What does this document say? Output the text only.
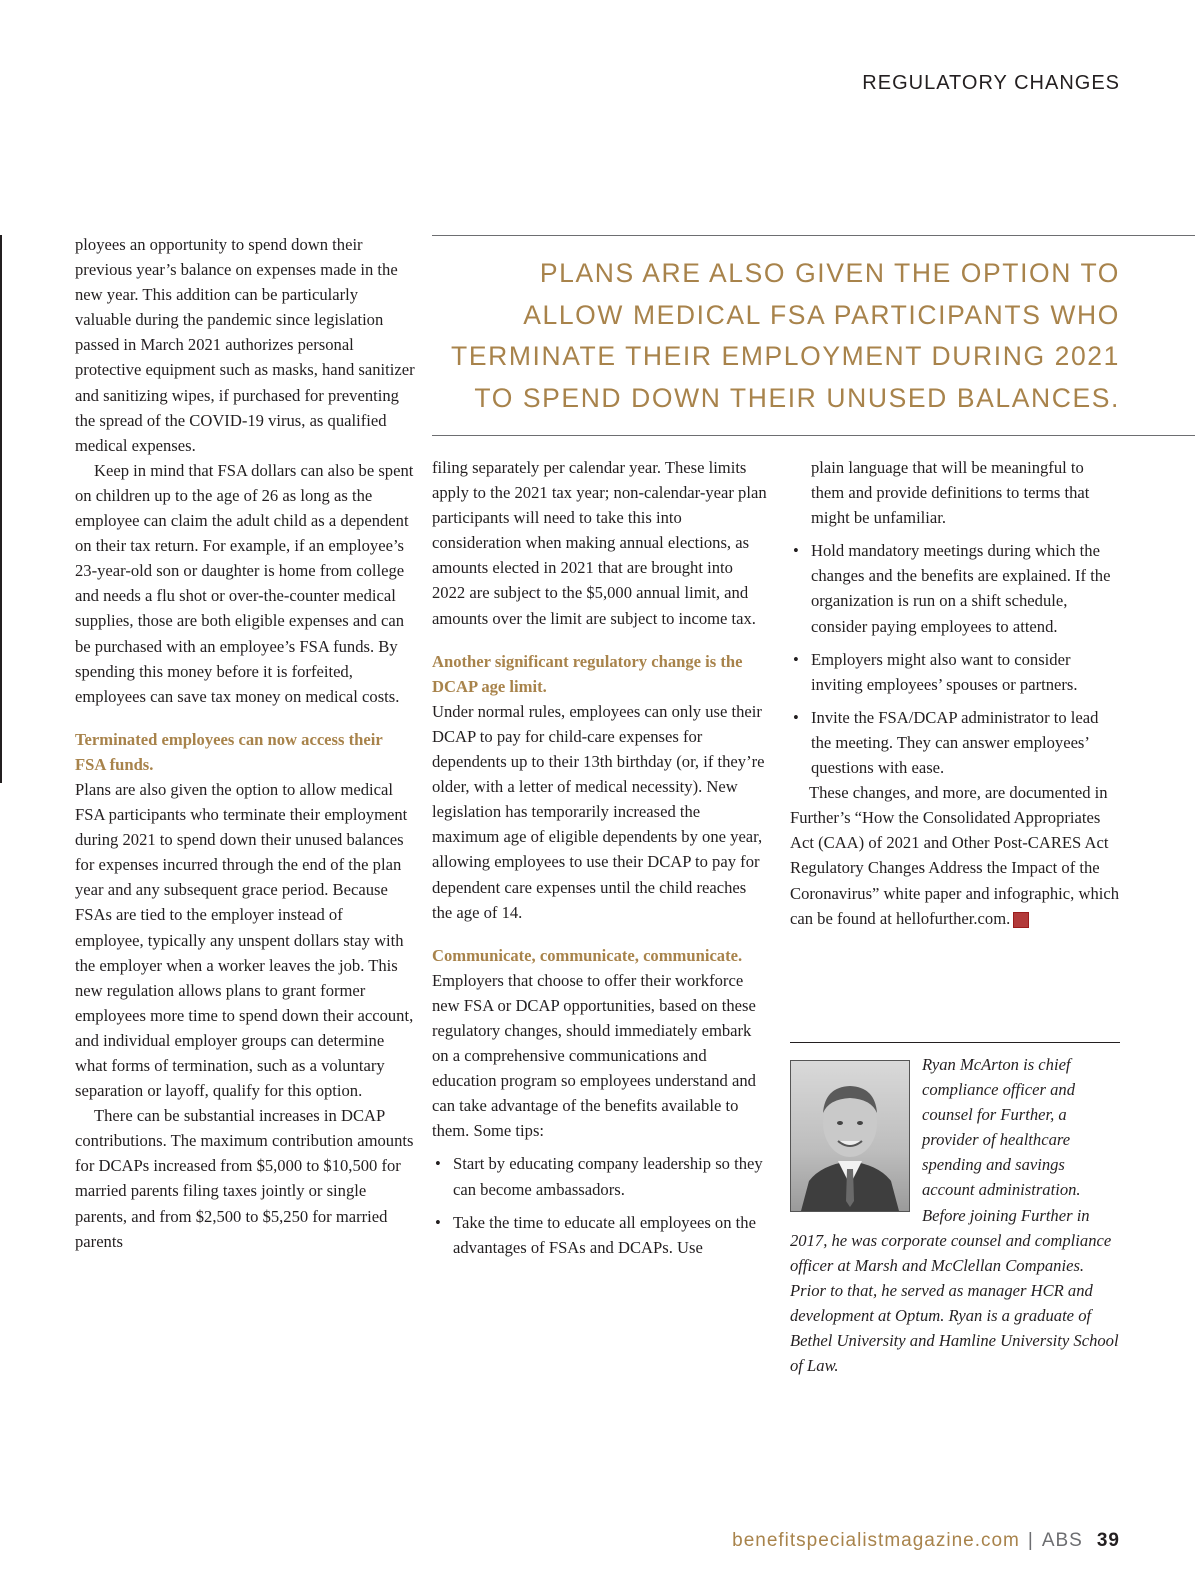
REGULATORY CHANGES

ployees an opportunity to spend down their previous year’s balance on expenses made in the new year. This addition can be particularly valuable during the pandemic since legislation passed in March 2021 authorizes personal protective equipment such as masks, hand sanitizer and sanitizing wipes, if purchased for preventing the spread of the COVID-19 virus, as qualified medical expenses.

Keep in mind that FSA dollars can also be spent on children up to the age of 26 as long as the employee can claim the adult child as a dependent on their tax return. For example, if an employee’s 23-year-old son or daughter is home from college and needs a flu shot or over-the-counter medical supplies, those are both eligible expenses and can be purchased with an employee’s FSA funds. By spending this money before it is forfeited, employees can save tax money on medical costs.

Terminated employees can now access their FSA funds.

Plans are also given the option to allow medical FSA participants who terminate their employment during 2021 to spend down their unused balances for expenses incurred through the end of the plan year and any subsequent grace period. Because FSAs are tied to the employer instead of employee, typically any unspent dollars stay with the employer when a worker leaves the job. This new regulation allows plans to grant former employees more time to spend down their account, and individual employer groups can determine what forms of termination, such as a voluntary separation or layoff, qualify for this option.

There can be substantial increases in DCAP contributions. The maximum contribution amounts for DCAPs increased from $5,000 to $10,500 for married parents filing taxes jointly or single parents, and from $2,500 to $5,250 for married parents

PLANS ARE ALSO GIVEN THE OPTION TO ALLOW MEDICAL FSA PARTICIPANTS WHO TERMINATE THEIR EMPLOYMENT DURING 2021 TO SPEND DOWN THEIR UNUSED BALANCES.

filing separately per calendar year. These limits apply to the 2021 tax year; non-calendar-year plan participants will need to take this into consideration when making annual elections, as amounts elected in 2021 that are brought into 2022 are subject to the $5,000 annual limit, and amounts over the limit are subject to income tax.

Another significant regulatory change is the DCAP age limit.

Under normal rules, employees can only use their DCAP to pay for child-care expenses for dependents up to their 13th birthday (or, if they’re older, with a letter of medical necessity). New legislation has temporarily increased the maximum age of eligible dependents by one year, allowing employees to use their DCAP to pay for dependent care expenses until the child reaches the age of 14.

Communicate, communicate, communicate.

Employers that choose to offer their workforce new FSA or DCAP opportunities, based on these regulatory changes, should immediately embark on a comprehensive communications and education program so employees understand and can take advantage of the benefits available to them. Some tips:

• Start by educating company leadership so they can become ambassadors.
• Take the time to educate all employees on the advantages of FSAs and DCAPs. Use

plain language that will be meaningful to them and provide definitions to terms that might be unfamiliar.

• Hold mandatory meetings during which the changes and the benefits are explained. If the organization is run on a shift schedule, consider paying employees to attend.
• Employers might also want to consider inviting employees’ spouses or partners.
• Invite the FSA/DCAP administrator to lead the meeting. They can answer employees’ questions with ease.

These changes, and more, are documented in Further’s “How the Consolidated Appropriates Act (CAA) of 2021 and Other Post-CARES Act Regulatory Changes Address the Impact of the Coronavirus” white paper and infographic, which can be found at hellofurther.com.	⌂

Ryan McArton is chief compliance officer and counsel for Further, a provider of healthcare spending and savings account administration. Before joining Further in 2017, he was corporate counsel and compliance officer at Marsh and McClellan Companies. Prior to that, he served as manager HCR and development at Optum. Ryan is a graduate of Bethel University and Hamline University School of Law.
benefitspecialistmagazine.com | ABS 39
